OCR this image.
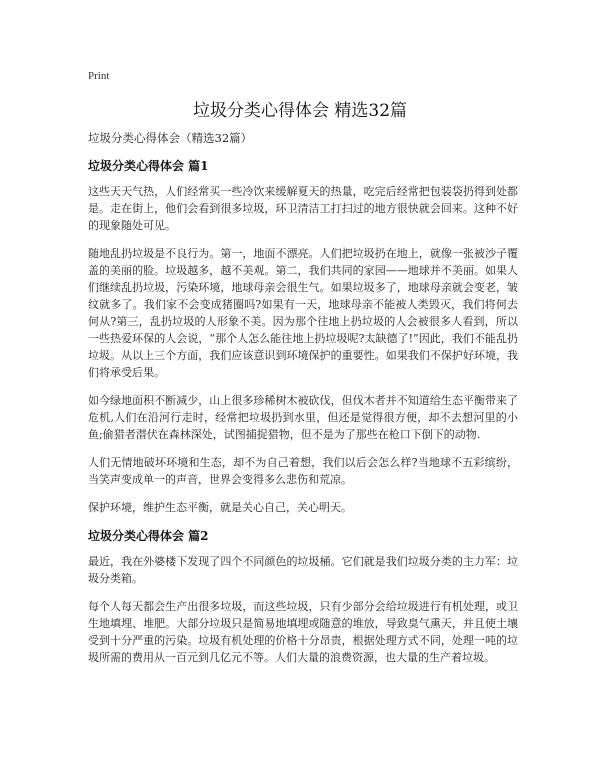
Print
垃圾分类心得体会 精选32篇
垃圾分类心得体会（精选32篇）
垃圾分类心得体会 篇1

这些天天气热，人们经常买一些冷饮来缓解夏天的热量，吃完后经常把包装袋扔得到处都是。走在街上，他们会看到很多垃圾，环卫清洁工打扫过的地方很快就会回来。这种不好的现象随处可见。

随地乱扔垃圾是不良行为。第一，地面不漂亮。人们把垃圾扔在地上，就像一张被沙子覆盖的美丽的脸。垃圾越多，越不美观。第二，我们共同的家园——地球并不美丽。如果人们继续乱扔垃圾，污染环境，地球母亲会很生气。如果垃圾多了，地球母亲就会变老，皱纹就多了。我们家不会变成猪圈吗?如果有一天，地球母亲不能被人类毁灭，我们将何去何从?第三，乱扔垃圾的人形象不美。因为那个往地上扔垃圾的人会被很多人看到，所以一些热爱环保的人会说，“那个人怎么能往地上扔垃圾呢?太缺德了!”因此，我们不能乱扔垃圾。从以上三个方面，我们应该意识到环境保护的重要性。如果我们不保护好环境，我们将承受后果。

如今绿地面积不断减少，山上很多珍稀树木被砍伐，但伐木者并不知道给生态平衡带来了危机,人们在沿河行走时，经常把垃圾扔到水里，但还是觉得很方便，却不去想河里的小鱼;偷猎者潜伏在森林深处，试图捕捉猎物，但不是为了那些在枪口下倒下的动物.

人们无情地破坏环境和生态，却不为自己着想，我们以后会怎么样?当地球不五彩缤纷，当笑声变成单一的声音，世界会变得多么悲伤和荒凉。

保护环境，维护生态平衡，就是关心自己，关心明天。

垃圾分类心得体会 篇2

最近，我在外婆楼下发现了四个不同颜色的垃圾桶。它们就是我们垃圾分类的主力军：垃圾分类箱。

每个人每天都会生产出很多垃圾，而这些垃圾，只有少部分会给垃圾进行有机处理，或卫生地填埋、堆肥。大部分垃圾只是简易地填埋或随意的堆放，导致臭气熏天，并且使土壤受到十分严重的污染。垃圾有机处理的价格十分昂贵，根据处理方式不同，处理一吨的垃圾所需的费用从一百元到几亿元不等。人们大量的浪费资源，也大量的生产着垃圾。
